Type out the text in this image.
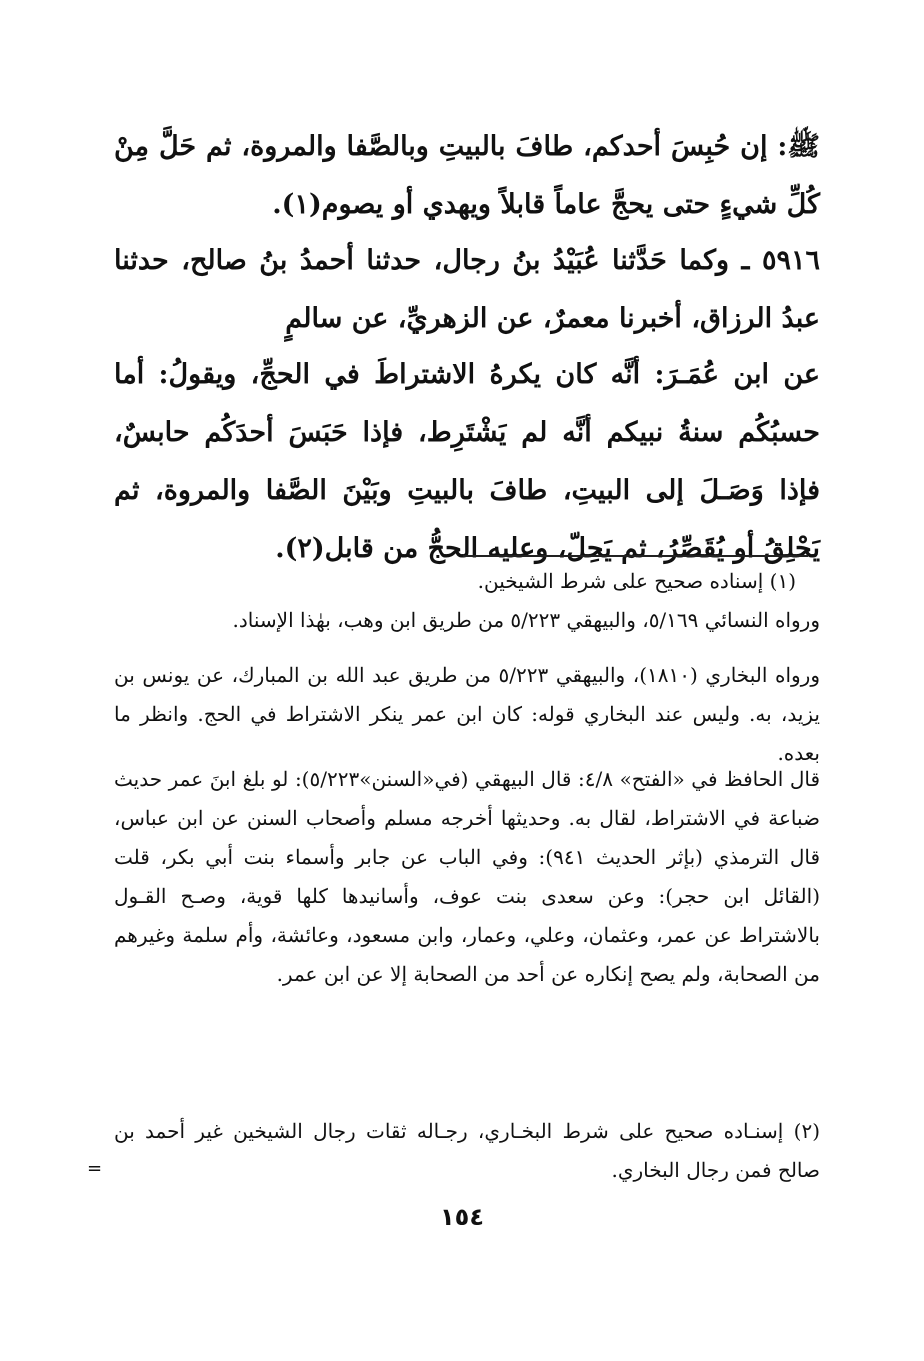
ﷺ: إن حُبِسَ أحدكم، طافَ بالبيتِ وبالصَّفا والمروة، ثم حَلَّ مِنْ كُلِّ شيءٍ حتى يحجَّ عاماً قابلاً ويهدي أو يصوم(١).
٥٩١٦ ـ وكما حَدَّثنا عُبَيْدُ بنُ رجال، حدثنا أحمدُ بنُ صالح، حدثنا عبدُ الرزاق، أخبرنا معمرٌ، عن الزهريِّ، عن سالمٍ
عن ابن عُمَـرَ: أنَّه كان يكرهُ الاشتراطَ في الحجِّ، ويقولُ: أما حسبُكُم سنةُ نبيكم أنَّه لم يَشْتَرِط، فإذا حَبَسَ أحدَكُم حابسٌ، فإذا وَصَـلَ إلى البيتِ، طافَ بالبيتِ وبَيْنَ الصَّفا والمروة، ثم يَحْلِقُ أو يُقَصِّرُ، ثم يَحِلّ، وعليه الحجُّ من قابل(٢).
(١) إسناده صحيح على شرط الشيخين.
ورواه النسائي ٥/١٦٩، والبيهقي ٥/٢٢٣ من طريق ابن وهب، بهٰذا الإسناد.
ورواه البخاري (١٨١٠)، والبيهقي ٥/٢٢٣ من طريق عبد الله بن المبارك، عن يونس بن يزيد، به. وليس عند البخاري قوله: كان ابن عمر ينكر الاشتراط في الحج. وانظر ما بعده.
قال الحافظ في «الفتح» ٤/٨: قال البيهقي (في«السنن»٥/٢٢٣): لو بلغ ابنَ عمر حديث ضباعة في الاشتراط، لقال به. وحديثها أخرجه مسلم وأصحاب السنن عن ابن عباس، قال الترمذي (بإثر الحديث ٩٤١): وفي الباب عن جابر وأسماء بنت أبي بكر، قلت (القائل ابن حجر): وعن سعدى بنت عوف، وأسانيدها كلها قوية، وصـح القـول بالاشتراط عن عمر، وعثمان، وعلي، وعمار، وابن مسعود، وعائشة، وأم سلمة وغيرهم من الصحابة، ولم يصح إنكاره عن أحد من الصحابة إلا عن ابن عمر.
(٢) إسنـاده صحيح على شرط البخـاري، رجـاله ثقات رجال الشيخين غير أحمد بن صالح فمن رجال البخاري.
=
١٥٤
